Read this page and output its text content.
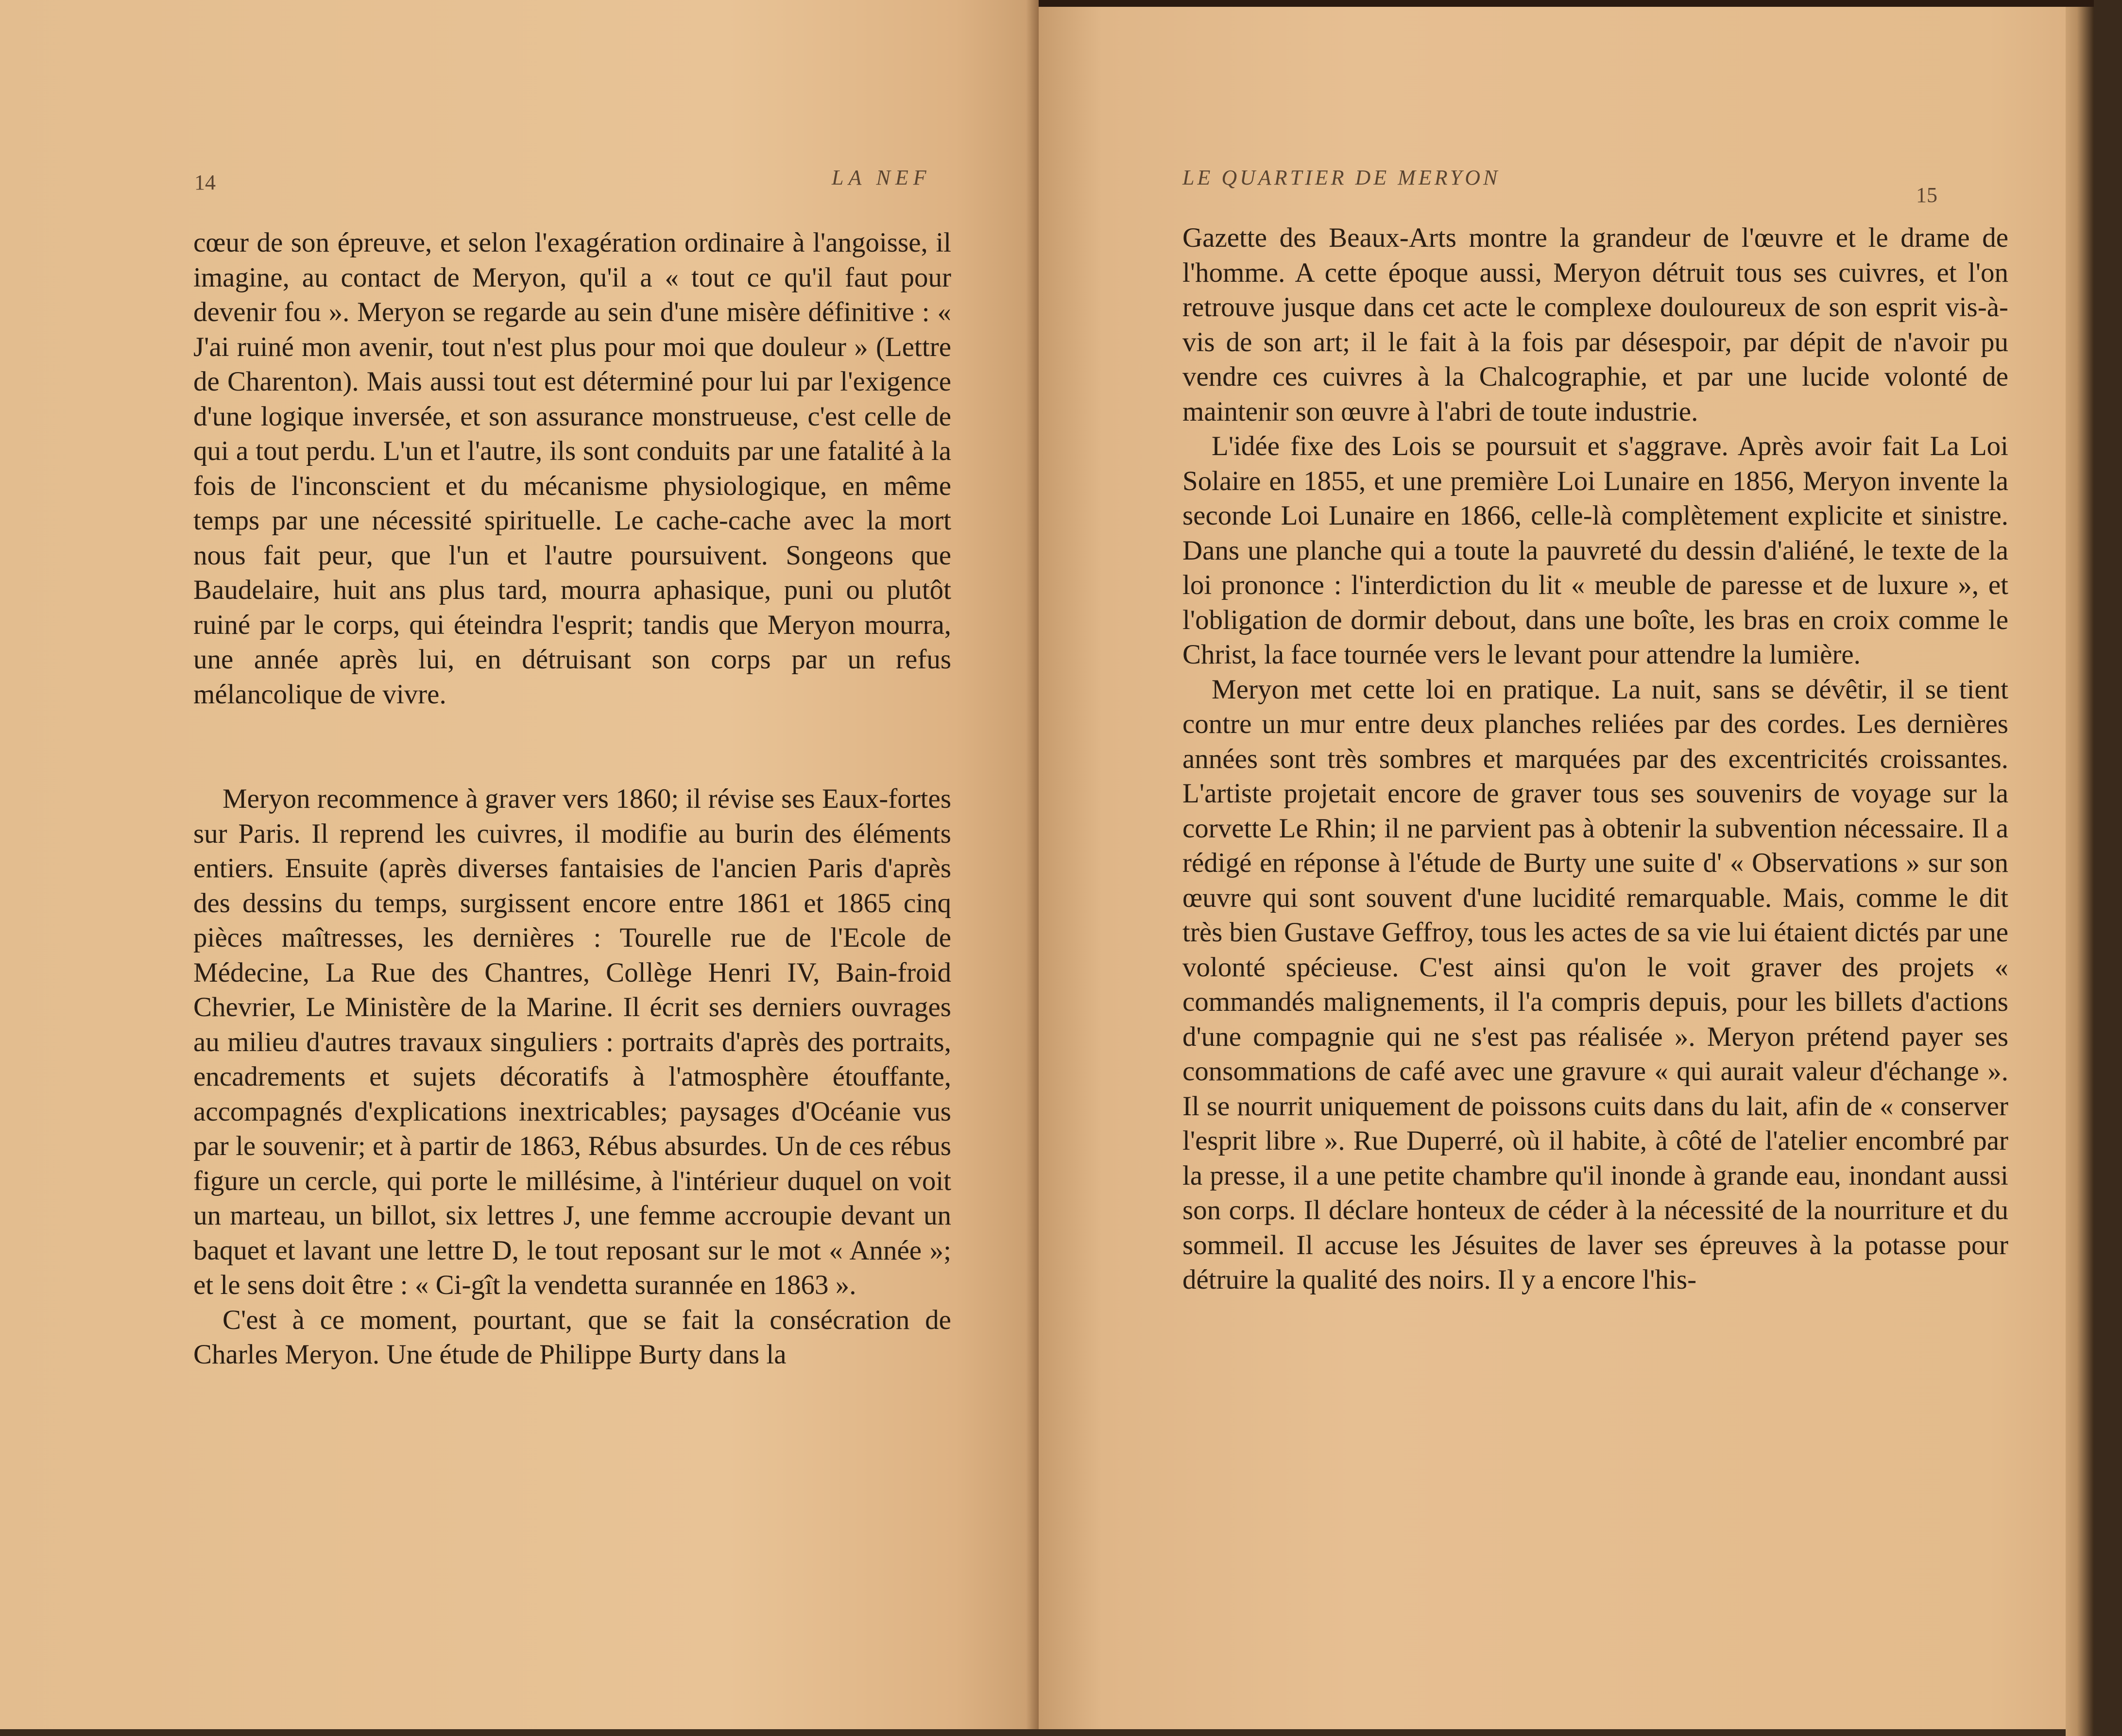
14	LA NEF

cœur de son épreuve, et selon l'exagération ordinaire à l'angoisse, il imagine, au contact de Meryon, qu'il a « tout ce qu'il faut pour devenir fou ». Meryon se regarde au sein d'une misère définitive : « J'ai ruiné mon avenir, tout n'est plus pour moi que douleur » (Lettre de Charenton). Mais aussi tout est déterminé pour lui par l'exigence d'une logique inversée, et son assurance monstrueuse, c'est celle de qui a tout perdu. L'un et l'autre, ils sont conduits par une fatalité à la fois de l'inconscient et du mécanisme physiologique, en même temps par une nécessité spirituelle. Le cache-cache avec la mort nous fait peur, que l'un et l'autre poursuivent. Songeons que Baudelaire, huit ans plus tard, mourra aphasique, puni ou plutôt ruiné par le corps, qui éteindra l'esprit; tandis que Meryon mourra, une année après lui, en détruisant son corps par un refus mélancolique de vivre.

Meryon recommence à graver vers 1860; il révise ses Eaux-fortes sur Paris. Il reprend les cuivres, il modifie au burin des éléments entiers. Ensuite (après diverses fantaisies de l'ancien Paris d'après des dessins du temps, surgissent encore entre 1861 et 1865 cinq pièces maîtresses, les dernières : Tourelle rue de l'Ecole de Médecine, La Rue des Chantres, Collège Henri IV, Bain-froid Chevrier, Le Ministère de la Marine. Il écrit ses derniers ouvrages au milieu d'autres travaux singuliers : portraits d'après des portraits, encadrements et sujets décoratifs à l'atmosphère étouffante, accompagnés d'explications inextricables; paysages d'Océanie vus par le souvenir; et à partir de 1863, Rébus absurdes. Un de ces rébus figure un cercle, qui porte le millésime, à l'intérieur duquel on voit un marteau, un billot, six lettres J, une femme accroupie devant un baquet et lavant une lettre D, le tout reposant sur le mot « Année »; et le sens doit être : « Ci-gît la vendetta surannée en 1863 ».

C'est à ce moment, pourtant, que se fait la consécration de Charles Meryon. Une étude de Philippe Burty dans la

LE QUARTIER DE MERYON
15

Gazette des Beaux-Arts montre la grandeur de l'œuvre et le drame de l'homme. A cette époque aussi, Meryon détruit tous ses cuivres, et l'on retrouve jusque dans cet acte le complexe douloureux de son esprit vis-à-vis de son art; il le fait à la fois par désespoir, par dépit de n'avoir pu vendre ces cuivres à la Chalcographie, et par une lucide volonté de maintenir son œuvre à l'abri de toute industrie.

L'idée fixe des Lois se poursuit et s'aggrave. Après avoir fait La Loi Solaire en 1855, et une première Loi Lunaire en 1856, Meryon invente la seconde Loi Lunaire en 1866, celle-là complètement explicite et sinistre. Dans une planche qui a toute la pauvreté du dessin d'aliéné, le texte de la loi prononce : l'interdiction du lit « meuble de paresse et de luxure », et l'obligation de dormir debout, dans une boîte, les bras en croix comme le Christ, la face tournée vers le levant pour attendre la lumière.

Meryon met cette loi en pratique. La nuit, sans se dévêtir, il se tient contre un mur entre deux planches reliées par des cordes. Les dernières années sont très sombres et marquées par des excentricités croissantes. L'artiste projetait encore de graver tous ses souvenirs de voyage sur la corvette Le Rhin; il ne parvient pas à obtenir la subvention nécessaire. Il a rédigé en réponse à l'étude de Burty une suite d' « Observations » sur son œuvre qui sont souvent d'une lucidité remarquable. Mais, comme le dit très bien Gustave Geffroy, tous les actes de sa vie lui étaient dictés par une volonté spécieuse. C'est ainsi qu'on le voit graver des projets « commandés malignements, il l'a compris depuis, pour les billets d'actions d'une compagnie qui ne s'est pas réalisée ». Meryon prétend payer ses consommations de café avec une gravure « qui aurait valeur d'échange ». Il se nourrit uniquement de poissons cuits dans du lait, afin de « conserver l'esprit libre ». Rue Duperré, où il habite, à côté de l'atelier encombré par la presse, il a une petite chambre qu'il inonde à grande eau, inondant aussi son corps. Il déclare honteux de céder à la nécessité de la nourriture et du sommeil. Il accuse les Jésuites de laver ses épreuves à la potasse pour détruire la qualité des noirs. Il y a encore l'his-
